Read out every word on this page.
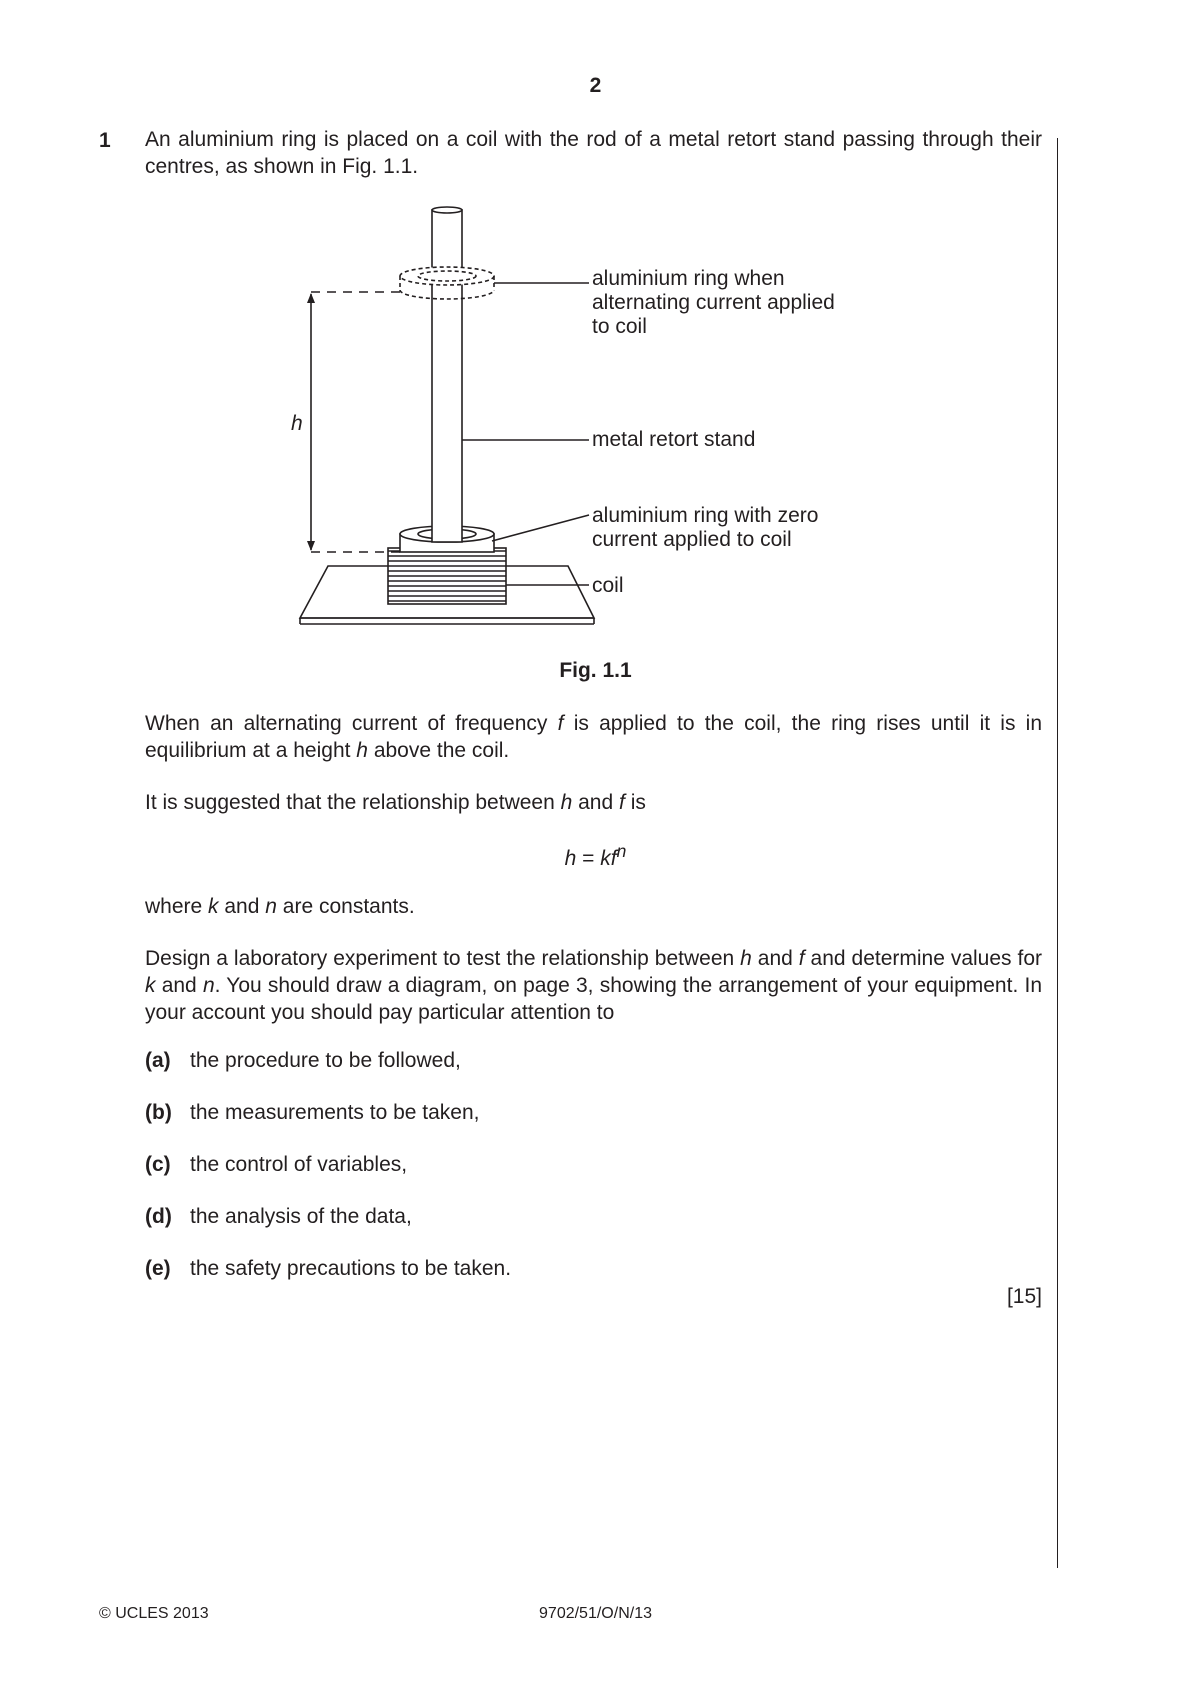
2
1 An aluminium ring is placed on a coil with the rod of a metal retort stand passing through their centres, as shown in Fig. 1.1.

aluminium ring when
alternating current applied
to coil
metal retort stand
aluminium ring with zero
current applied to coil
coil
h
Fig. 1.1

When an alternating current of frequency f is applied to the coil, the ring rises until it is in equilibrium at a height h above the coil.

It is suggested that the relationship between h and f is

$h = kf^n$

where k and n are constants.

Design a laboratory experiment to test the relationship between h and f and determine values for k and n. You should draw a diagram, on page 3, showing the arrangement of your equipment. In your account you should pay particular attention to

(a) the procedure to be followed,
(b) the measurements to be taken,
(c) the control of variables,
(d) the analysis of the data,
(e) the safety precautions to be taken.
[15]
© UCLES 2013	9702/51/O/N/13
